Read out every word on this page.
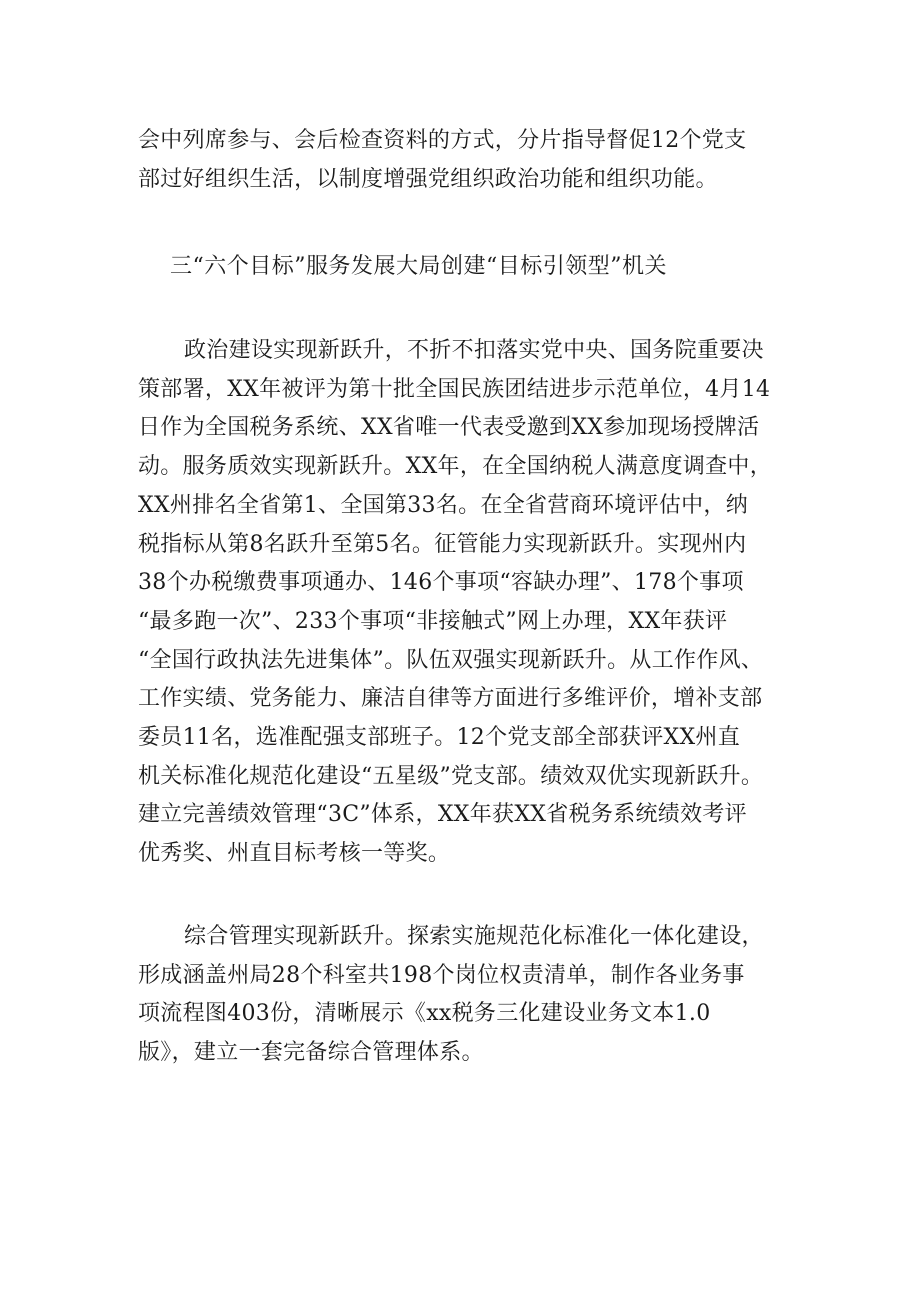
会中列席参与、会后检查资料的方式，分片指导督促12个党支
部过好组织生活，以制度增强党组织政治功能和组织功能。

三“六个目标”服务发展大局创建“目标引领型”机关

政治建设实现新跃升，不折不扣落实党中央、国务院重要决
策部署，XX年被评为第十批全国民族团结进步示范单位，4月14
日作为全国税务系统、XX省唯一代表受邀到XX参加现场授牌活
动。服务质效实现新跃升。XX年，在全国纳税人满意度调查中，
XX州排名全省第1、全国第33名。在全省营商环境评估中，纳
税指标从第8名跃升至第5名。征管能力实现新跃升。实现州内
38个办税缴费事项通办、146个事项“容缺办理”、178个事项
“最多跑一次”、233个事项“非接触式”网上办理，XX年获评
“全国行政执法先进集体”。队伍双强实现新跃升。从工作作风、
工作实绩、党务能力、廉洁自律等方面进行多维评价，增补支部
委员11名，选准配强支部班子。12个党支部全部获评XX州直
机关标准化规范化建设“五星级”党支部。绩效双优实现新跃升。
建立完善绩效管理“3C”体系，XX年获XX省税务系统绩效考评
优秀奖、州直目标考核一等奖。

综合管理实现新跃升。探索实施规范化标准化一体化建设，
形成涵盖州局28个科室共198个岗位权责清单，制作各业务事
项流程图403份，清晰展示《xx税务三化建设业务文本1.0
版》，建立一套完备综合管理体系。
